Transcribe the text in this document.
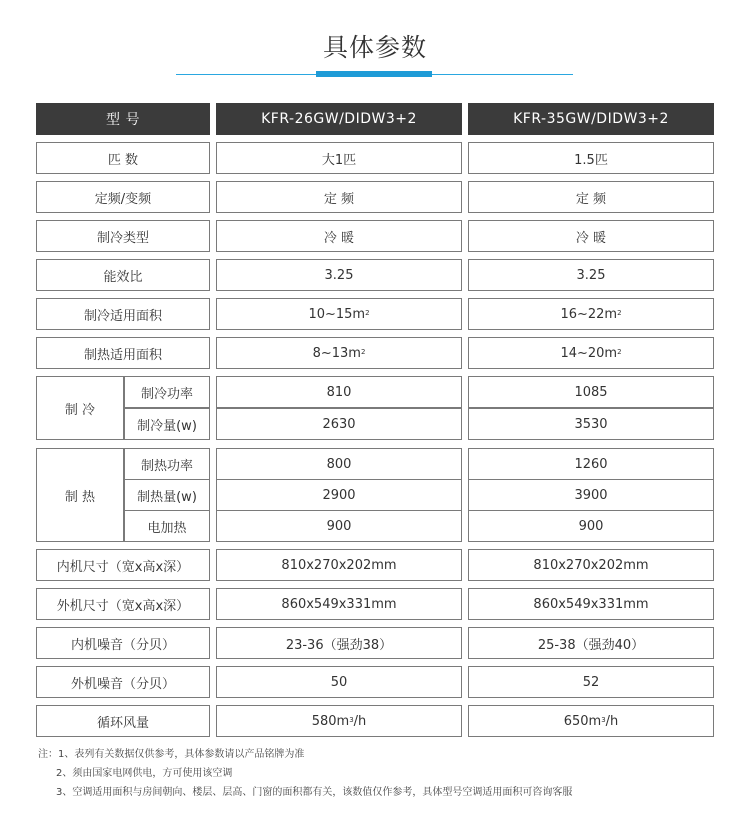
具体参数
型 号	KFR-26GW/DIDW3+2	KFR-35GW/DIDW3+2
匹 数	大1匹	1.5匹
定频/变频	定 频	定 频
制冷类型	冷 暖	冷 暖
能效比	3.25	3.25
制冷适用面积	$10\sim 15m^2$	$16\sim 22m^2$
制热适用面积	$8\sim 13m^2$	$14\sim 20m^2$
制 冷
制冷功率	810	1085
制冷量(w)	2630	3530
制 热
制热功率	800	1260
制热量(w)	2900	3900
电加热	900	900
内机尺寸（宽x高x深）	810x270x202mm	810x270x202mm
外机尺寸（宽x高x深）	860x549x331mm	860x549x331mm
内机噪音（分贝）	23-36（强劲38）	25-38（强劲40）
外机噪音（分贝）	50	52
循环风量	$580m^3$ /h	$650m^3$ /h
注：1、表列有关数据仅供参考，具体参数请以产品铭牌为准
2、须由国家电网供电，方可使用该空调
3、空调适用面积与房间朝向、楼层、层高、门窗的面积都有关，该数值仅作参考，具体型号空调适用面积可咨询客服
